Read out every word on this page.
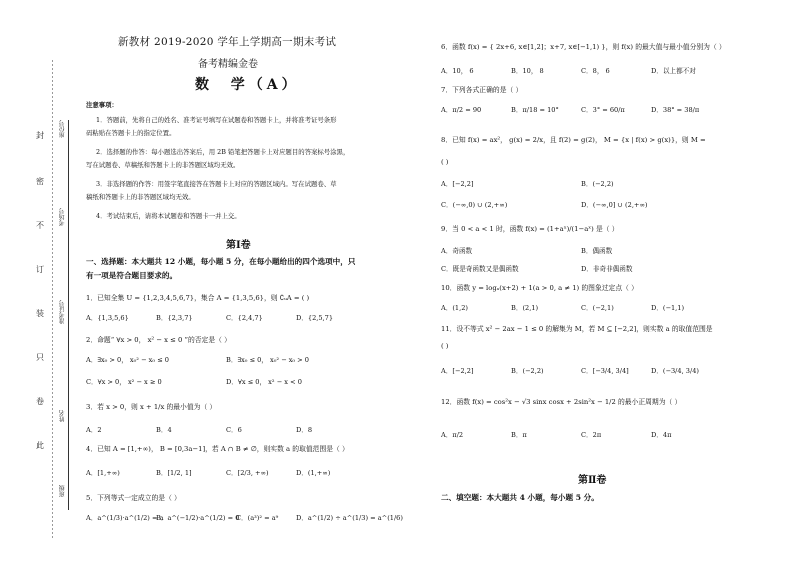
座位号
考场号
准考证号
姓名
班级
封
密
不
订
装
只
卷
此
新教材 2019-2020 学年上学期高一期末考试
备考精编金卷
数  学（A）
注意事项：
1．答题前，先将自己的姓名、准考证号填写在试题卷和答题卡上，并将准考证号条形
码粘贴在答题卡上的指定位置。
2．选择题的作答：每小题选出答案后，用 2B 铅笔把答题卡上对应题目的答案标号涂黑，
写在试题卷、草稿纸和答题卡上的非答题区域均无效。
3．非选择题的作答：用签字笔直接答在答题卡上对应的答题区域内。写在试题卷、草
稿纸和答题卡上的非答题区域均无效。
4．考试结束后，请将本试题卷和答题卡一并上交。
第Ⅰ卷
一、选择题：本大题共 12 小题，每小题 5 分，在每小题给出的四个选项中，只
有一项是符合题目要求的。
1．已知全集 U = {1,2,3,4,5,6,7}，集合 A = {1,3,5,6}，则 ∁ᵤA = ( )
A．{1,3,5,6}	B．{2,3,7}	C．{2,4,7}	D．{2,5,7}
2．命题“ ∀x > 0， x² − x ≤ 0 ”的否定是（ ）
A．∃x₀ > 0， x₀² − x₀ ≤ 0	B．∃x₀ ≤ 0， x₀² − x₀ > 0
C．∀x > 0， x² − x ≥ 0	D．∀x ≤ 0， x² − x < 0
3．若 x > 0，则 x + 1/x 的最小值为（ ）
A．2	B．4	C．6	D．8
4．已知 A = [1,+∞)， B = [0,3a−1]，若 A ∩ B ≠ ∅，则实数 a 的取值范围是（ ）
A．[1,+∞)	B．[1/2, 1]	C．[2/3, +∞)	D．(1,+∞)
5．下列等式一定成立的是（ ）
A．a^(1/3)·a^(1/2) = a
B．a^(−1/2)·a^(1/2) = 0
C．(a³)² = a⁹	D．a^(1/2) ÷ a^(1/3) = a^(1/6)
6．函数 f(x) = { 2x+6, x∈[1,2]；x+7, x∈[−1,1) }，则 f(x) 的最大值与最小值分别为（ ）
A．10， 6	B．10， 8	C．8， 6	D．以上都不对
7．下列各式正确的是（ ）
A．π/2 = 90	B．π/18 = 10°	C．3° = 60/π	D．38° = 38/π
8．已知 f(x) = ax²， g(x) = 2/x，且 f(2) = g(2)， M = {x | f(x) > g(x)}，则 M =
( )
A．[−2,2]	B．(−2,2)
C．(−∞,0) ∪ (2,+∞)	D．(−∞,0] ∪ (2,+∞)
9．当 0 < a < 1 时，函数 f(x) = (1+aˣ)/(1−aˣ) 是（ ）
A．奇函数	B．偶函数
C．既是奇函数又是偶函数	D．非奇非偶函数
10．函数 y = logₐ(x+2) + 1(a > 0, a ≠ 1) 的图象过定点（ ）
A．(1,2)	B．(2,1)	C．(−2,1)	D．(−1,1)
11．设不等式 x² − 2ax − 1 ≤ 0 的解集为 M，若 M ⊆ [−2,2]，则实数 a 的取值范围是
( )
A．[−2,2]	B．(−2,2)	C．[−3/4, 3/4]	D．(−3/4, 3/4)
12．函数 f(x) = cos²x − √3 sinx cosx + 2sin²x − 1/2 的最小正周期为（ ）
A．π/2	B．π	C．2π	D．4π
第Ⅱ卷
二、填空题：本大题共 4 小题，每小题 5 分。
